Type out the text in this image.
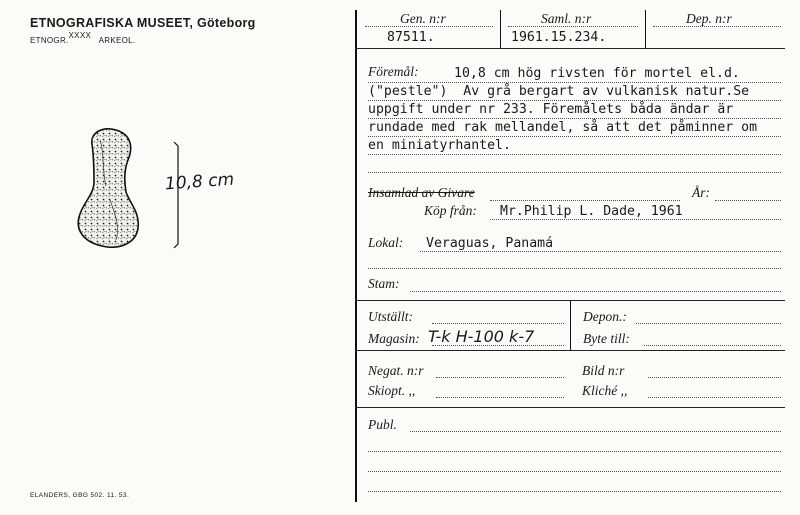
ETNOGRAFISKA MUSEET, Göteborg
ETNOGR.XXXX   ARKEOL.
10,8 cm
ELANDERS, GBG 502. 11. 53.
Gen. n:r	Saml. n:r	Dep. n:r
87511.	1961.15.234.
Föremål:	10,8 cm hög rivsten för mortel el.d.
("pestle")  Av grå bergart av vulkanisk natur.Se
uppgift under nr 233. Föremålets båda ändar är
rundade med rak mellandel, så att det påminner om
en miniatyrhantel.
Insamlad av Givare	År:
Köp från: Mr.Philip L. Dade, 1961
Lokal: Veraguas, Panamá
Stam:
Utställt:	Depon.:
Magasin: T-k H-100 k-7	Byte till:
Negat. n:r	Bild n:r
Skiopt. ,,	Kliché ,,
Publ.
